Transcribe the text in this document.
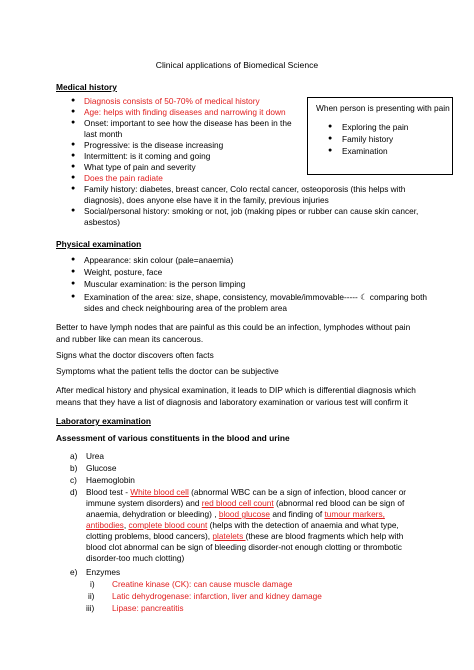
Clinical applications of Biomedical Science
Medical history
● Diagnosis consists of 50-70% of medical history
● Age: helps with finding diseases and narrowing it down
● Onset: important to see how the disease has been in the
last month
● Progressive: is the disease increasing
● Intermittent: is it coming and going
● What type of pain and severity
● Does the pain radiate
● Family history: diabetes, breast cancer, Colo rectal cancer, osteoporosis (this helps with
diagnosis), does anyone else have it in the family, previous injuries
● Social/personal history: smoking or not, job (making pipes or rubber can cause skin cancer,
asbestos)
When person is presenting with pain
● Exploring the pain
● Family history
● Examination
Physical examination
● Appearance: skin colour (pale=anaemia)
● Weight, posture, face
● Muscular examination: is the person limping
● Examination of the area: size, shape, consistency, movable/immovable----- ☾ comparing both
sides and check neighbouring area of the problem area
Better to have lymph nodes that are painful as this could be an infection, lymphodes without pain
and rubber like can mean its cancerous.
Signs what the doctor discovers often facts
Symptoms what the patient tells the doctor can be subjective
After medical history and physical examination, it leads to DIP which is differential diagnosis which
means that they have a list of diagnosis and laboratory examination or various test will confirm it
Laboratory examination
Assessment of various constituents in the blood and urine
a) Urea
b) Glucose
c) Haemoglobin
d) Blood test - White blood cell (abnormal WBC can be a sign of infection, blood cancer or
immune system disorders) and red blood cell count (abnormal red blood can be sign of
anaemia, dehydration or bleeding) , blood glucose and finding of tumour markers,
antibodies, complete blood count (helps with the detection of anaemia and what type,
clotting problems, blood cancers), platelets (these are blood fragments which help with
blood clot abnormal can be sign of bleeding disorder-not enough clotting or thrombotic
disorder-too much clotting)
e) Enzymes
i) Creatine kinase (CK): can cause muscle damage
ii) Latic dehydrogenase: infarction, liver and kidney damage
iii) Lipase: pancreatitis
